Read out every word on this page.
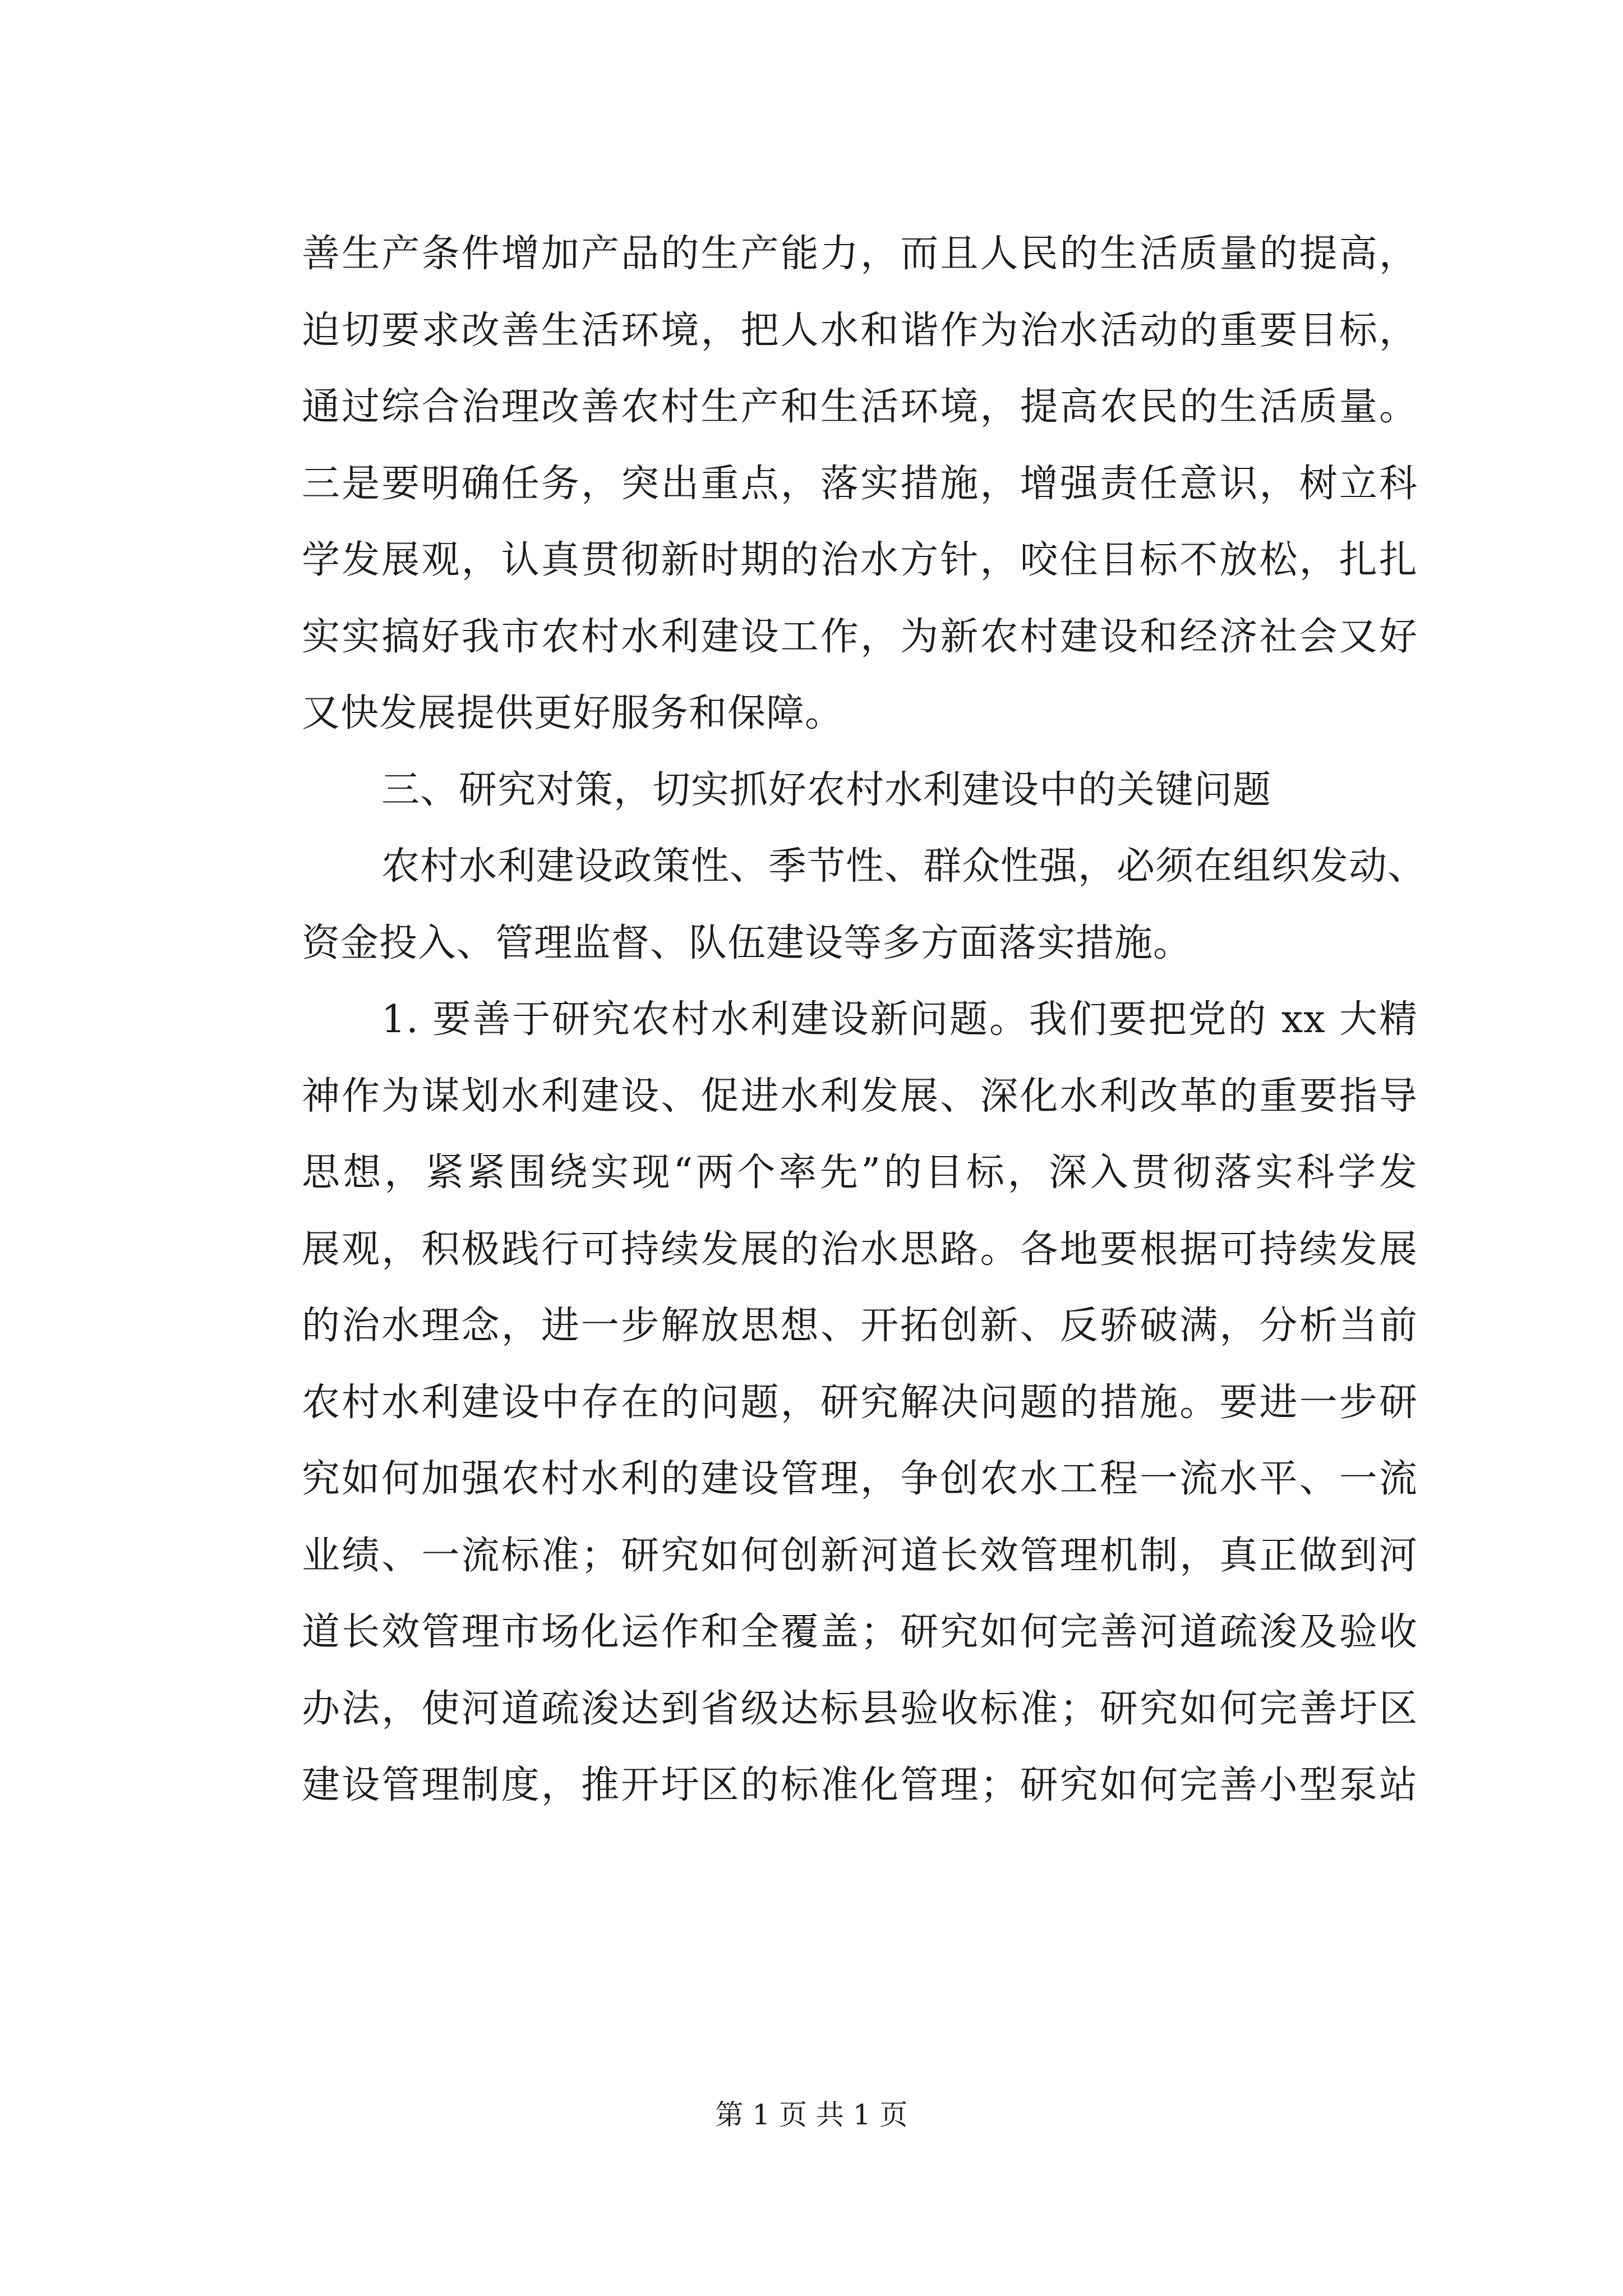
善生产条件增加产品的生产能力，而且人民的生活质量的提高，
迫切要求改善生活环境，把人水和谐作为治水活动的重要目标，
通过综合治理改善农村生产和生活环境，提高农民的生活质量。
三是要明确任务，突出重点，落实措施，增强责任意识，树立科
学发展观，认真贯彻新时期的治水方针，咬住目标不放松，扎扎
实实搞好我市农村水利建设工作，为新农村建设和经济社会又好
又快发展提供更好服务和保障。
三、研究对策，切实抓好农村水利建设中的关键问题
农村水利建设政策性、季节性、群众性强，必须在组织发动、
资金投入、管理监督、队伍建设等多方面落实措施。
1. 要善于研究农村水利建设新问题。我们要把党的 xx 大精
神作为谋划水利建设、促进水利发展、深化水利改革的重要指导
思想，紧紧围绕实现“两个率先”的目标，深入贯彻落实科学发
展观，积极践行可持续发展的治水思路。各地要根据可持续发展
的治水理念，进一步解放思想、开拓创新、反骄破满，分析当前
农村水利建设中存在的问题，研究解决问题的措施。要进一步研
究如何加强农村水利的建设管理，争创农水工程一流水平、一流
业绩、一流标准；研究如何创新河道长效管理机制，真正做到河
道长效管理市场化运作和全覆盖；研究如何完善河道疏浚及验收
办法，使河道疏浚达到省级达标县验收标准；研究如何完善圩区
建设管理制度，推开圩区的标准化管理；研究如何完善小型泵站
第 1 页 共 1 页
